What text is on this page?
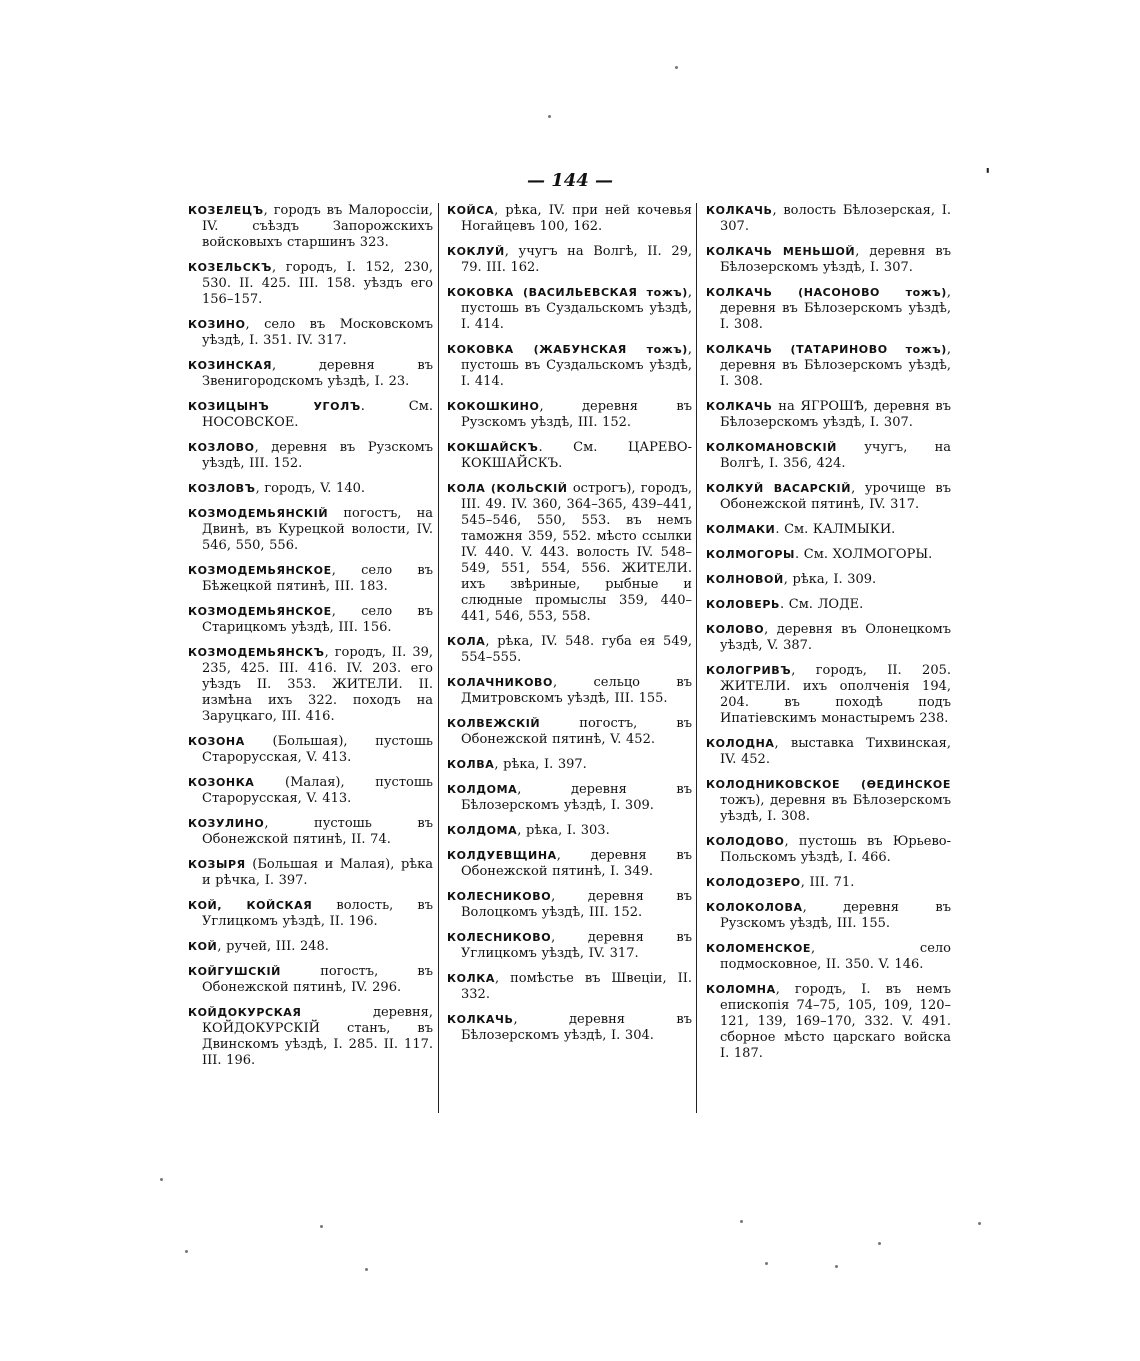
— 144 —	'

КОЗЕЛЕЦЪ, городъ въ Малороссіи, IV. съѣздъ Запорожскихъ войсковыхъ старшинъ 323.

КОЗЕЛЬСКЪ, городъ, I. 152, 230, 530. II. 425. III. 158. уѣздъ его 156–157.

КОЗИНО, село въ Московскомъ уѣздѣ, I. 351. IV. 317.

КОЗИНСКАЯ, деревня въ Звенигородскомъ уѣздѣ, I. 23.

КОЗИЦЫНЪ УГОЛЪ. См. НОСОВСКОЕ.

КОЗЛОВО, деревня въ Рузскомъ уѣздѣ, III. 152.

КОЗЛОВЪ, городъ, V. 140.

КОЗМОДЕМЬЯНСКІЙ погостъ, на Двинѣ, въ Курецкой волости, IV. 546, 550, 556.

КОЗМОДЕМЬЯНСКОЕ, село въ Бѣжецкой пятинѣ, III. 183.

КОЗМОДЕМЬЯНСКОЕ, село въ Старицкомъ уѣздѣ, III. 156.

КОЗМОДЕМЬЯНСКЪ, городъ, II. 39, 235, 425. III. 416. IV. 203. его уѣздъ II. 353. ЖИТЕЛИ. II. измѣна ихъ 322. походъ на Заруцкаго, III. 416.

КОЗОНА (Большая), пустошь Старорусская, V. 413.

КОЗОНКА (Малая), пустошь Старорусская, V. 413.

КОЗУЛИНО, пустошь въ Обонежской пятинѣ, II. 74.

КОЗЫРЯ (Большая и Малая), рѣка и рѣчка, I. 397.

КОЙ, КОЙСКАЯ волость, въ Углицкомъ уѣздѣ, II. 196.

КОЙ, ручей, III. 248.

КОЙГУШСКІЙ погостъ, въ Обонежской пятинѣ, IV. 296.

КОЙДОКУРСКАЯ деревня, КОЙДОКУРСКІЙ станъ, въ Двинскомъ уѣздѣ, I. 285. II. 117. III. 196.

КОЙСА, рѣка, IV. при ней кочевья Ногайцевъ 100, 162.

КОКЛУЙ, учугъ на Волгѣ, II. 29, 79. III. 162.

КОКОВКА (ВАСИЛЬЕВСКАЯ тожъ), пустошь въ Суздальскомъ уѣздѣ, I. 414.

КОКОВКА (ЖАБУНСКАЯ тожъ), пустошь въ Суздальскомъ уѣздѣ, I. 414.

КОКОШКИНО, деревня въ Рузскомъ уѣздѣ, III. 152.

КОКШАЙСКЪ. См. ЦАРЕВО-КОКШАЙСКЪ.

КОЛА (КОЛЬСКІЙ острогъ), городъ, III. 49. IV. 360, 364–365, 439–441, 545–546, 550, 553. въ немъ таможня 359, 552. мѣсто ссылки IV. 440. V. 443. волость IV. 548–549, 551, 554, 556. ЖИТЕЛИ. ихъ звѣриные, рыбные и слюдные промыслы 359, 440–441, 546, 553, 558.

КОЛА, рѣка, IV. 548. губа ея 549, 554–555.

КОЛАЧНИКОВО, сельцо въ Дмитровскомъ уѣздѣ, III. 155.

КОЛВЕЖСКІЙ погостъ, въ Обонежской пятинѣ, V. 452.

КОЛВА, рѣка, I. 397.

КОЛДОМА, деревня въ Бѣлозерскомъ уѣздѣ, I. 309.

КОЛДОМА, рѣка, I. 303.

КОЛДУЕВЩИНА, деревня въ Обонежской пятинѣ, I. 349.

КОЛЕСНИКОВО, деревня въ Волоцкомъ уѣздѣ, III. 152.

КОЛЕСНИКОВО, деревня въ Углицкомъ уѣздѣ, IV. 317.

КОЛКА, помѣстье въ Швеціи, II. 332.

КОЛКАЧЬ, деревня въ Бѣлозерскомъ уѣздѣ, I. 304.

КОЛКАЧЬ, волость Бѣлозерская, I. 307.

КОЛКАЧЬ МЕНЬШОЙ, деревня въ Бѣлозерскомъ уѣздѣ, I. 307.

КОЛКАЧЬ (НАСОНОВО тожъ), деревня въ Бѣлозерскомъ уѣздѣ, I. 308.

КОЛКАЧЬ (ТАТАРИНОВО тожъ), деревня въ Бѣлозерскомъ уѣздѣ, I. 308.

КОЛКАЧЬ на ЯГРОШѢ, деревня въ Бѣлозерскомъ уѣздѣ, I. 307.

КОЛКОМАНОВСКІЙ учугъ, на Волгѣ, I. 356, 424.

КОЛКУЙ ВАСАРСКІЙ, урочище въ Обонежской пятинѣ, IV. 317.

КОЛМАКИ. См. КАЛМЫКИ.

КОЛМОГОРЫ. См. ХОЛМОГОРЫ.

КОЛНОВОЙ, рѣка, I. 309.

КОЛОВЕРЬ. См. ЛОДЕ.

КОЛОВО, деревня въ Олонецкомъ уѣздѣ, V. 387.

КОЛОГРИВЪ, городъ, II. 205. ЖИТЕЛИ. ихъ ополченія 194, 204. въ походѣ подъ Ипатіевскимъ монастыремъ 238.

КОЛОДНА, выставка Тихвинская, IV. 452.

КОЛОДНИКОВСКОЕ (ѲЕДИНСКОЕ тожъ), деревня въ Бѣлозерскомъ уѣздѣ, I. 308.

КОЛОДОВО, пустошь въ Юрьево-Польскомъ уѣздѣ, I. 466.

КОЛОДОЗЕРО, III. 71.

КОЛОКОЛОВА, деревня въ Рузскомъ уѣздѣ, III. 155.

КОЛОМЕНСКОЕ, село подмосковное, II. 350. V. 146.

КОЛОМНА, городъ, I. въ немъ епископія 74–75, 105, 109, 120–121, 139, 169–170, 332. V. 491. сборное мѣсто царскаго войска I. 187.
